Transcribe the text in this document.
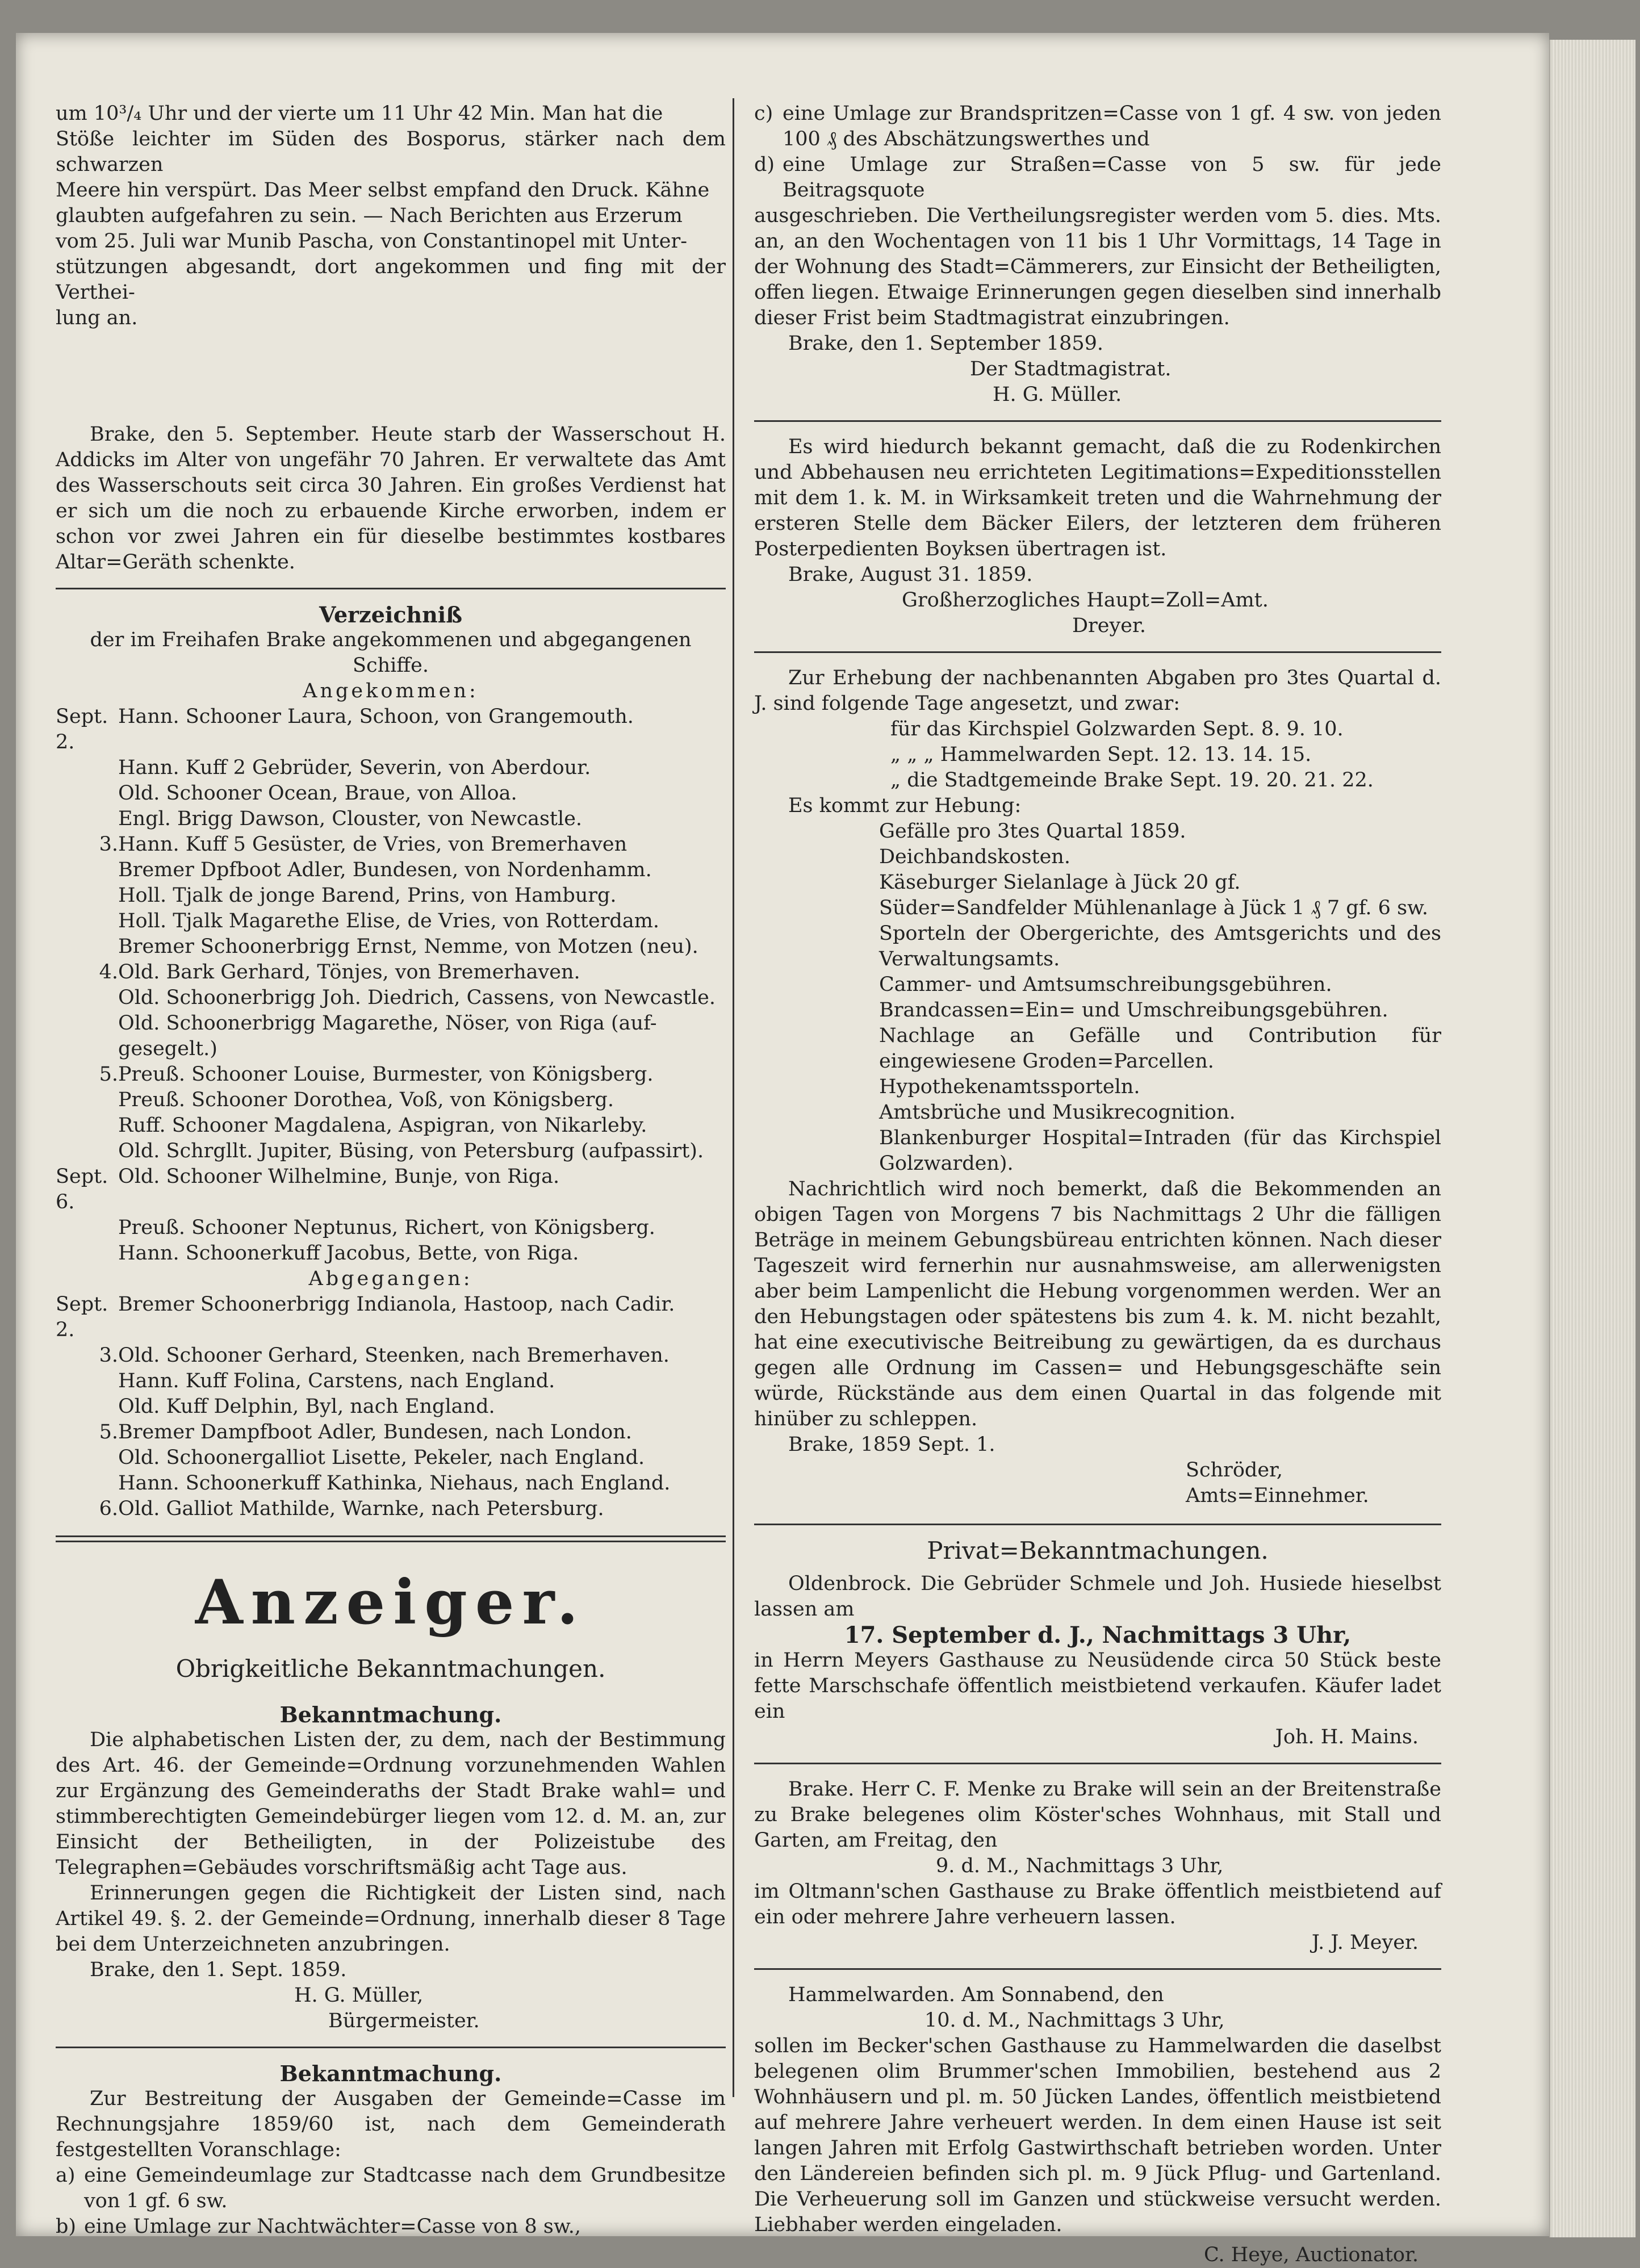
um 10³/₄ Uhr und der vierte um 11 Uhr 42 Min. Man hat die

Stöße leichter im Süden des Bosporus, stärker nach dem schwarzen

Meere hin verspürt. Das Meer selbst empfand den Druck. Kähne

glaubten aufgefahren zu sein. — Nach Berichten aus Erzerum

vom 25. Juli war Munib Pascha, von Constantinopel mit Unter-

stützungen abgesandt, dort angekommen und fing mit der Verthei-

lung an.

Brake, den 5. September. Heute starb der Wasserschout H. Addicks im Alter von ungefähr 70 Jahren. Er verwaltete das Amt des Wasserschouts seit circa 30 Jahren. Ein großes Verdienst hat er sich um die noch zu erbauende Kirche erworben, indem er schon vor zwei Jahren ein für dieselbe bestimmtes kostbares Altar=Geräth schenkte.

Verzeichniß

der im Freihafen Brake angekommenen und abgegangenen Schiffe.

Angekommen:

Sept. 2.
Hann. Schooner Laura, Schoon, von Grangemouth.
Hann. Kuff 2 Gebrüder, Severin, von Aberdour.
Old. Schooner Ocean, Braue, von Alloa.
Engl. Brigg Dawson, Clouster, von Newcastle.
3. Hann. Kuff 5 Gesüster, de Vries, von Bremerhaven
Bremer Dpfboot Adler, Bundesen, von Nordenhamm.
Holl. Tjalk de jonge Barend, Prins, von Hamburg.
Holl. Tjalk Magarethe Elise, de Vries, von Rotterdam.
Bremer Schoonerbrigg Ernst, Nemme, von Motzen (neu).
4. Old. Bark Gerhard, Tönjes, von Bremerhaven.
Old. Schoonerbrigg Joh. Diedrich, Cassens, von Newcastle.
Old. Schoonerbrigg Magarethe, Nöser, von Riga (auf-gesegelt.)
5. Preuß. Schooner Louise, Burmester, von Königsberg.
Preuß. Schooner Dorothea, Voß, von Königsberg.
Ruff. Schooner Magdalena, Aspigran, von Nikarleby.
Old. Schrgllt. Jupiter, Büsing, von Petersburg (aufpassirt).
Sept. 6.
Old. Schooner Wilhelmine, Bunje, von Riga.
Preuß. Schooner Neptunus, Richert, von Königsberg.
Hann. Schoonerkuff Jacobus, Bette, von Riga.

Abgegangen:

Sept. 2.
Bremer Schoonerbrigg Indianola, Hastoop, nach Cadir.
3. Old. Schooner Gerhard, Steenken, nach Bremerhaven.
Hann. Kuff Folina, Carstens, nach England.
Old. Kuff Delphin, Byl, nach England.
5. Bremer Dampfboot Adler, Bundesen, nach London.
Old. Schoonergalliot Lisette, Pekeler, nach England.
Hann. Schoonerkuff Kathinka, Niehaus, nach England.
6. Old. Galliot Mathilde, Warnke, nach Petersburg.

Anzeiger.

Obrigkeitliche Bekanntmachungen.

Bekanntmachung.

Die alphabetischen Listen der, zu dem, nach der Bestimmung des Art. 46. der Gemeinde=Ordnung vorzunehmenden Wahlen zur Ergänzung des Gemeinderaths der Stadt Brake wahl= und stimmberechtigten Gemeindebürger liegen vom 12. d. M. an, zur Einsicht der Betheiligten, in der Polizeistube des Telegraphen=Gebäudes vorschriftsmäßig acht Tage aus.

Erinnerungen gegen die Richtigkeit der Listen sind, nach Artikel 49. §. 2. der Gemeinde=Ordnung, innerhalb dieser 8 Tage bei dem Unterzeichneten anzubringen.

Brake, den 1. Sept. 1859.

H. G. Müller,

Bürgermeister.

Bekanntmachung.

Zur Bestreitung der Ausgaben der Gemeinde=Casse im Rechnungsjahre 1859/60 ist, nach dem Gemeinderath festgestellten Voranschlage:

a) eine Gemeindeumlage zur Stadtcasse nach dem Grundbesitze von 1 gf. 6 sw.
b) eine Umlage zur Nachtwächter=Casse von 8 sw.,
c) eine Umlage zur Brandspritzen=Casse von 1 gf. 4 sw. von jeden 100 ₰ des Abschätzungswerthes und
d) eine Umlage zur Straßen=Casse von 5 sw. für jede Beitragsquote

ausgeschrieben. Die Vertheilungsregister werden vom 5. dies. Mts. an, an den Wochentagen von 11 bis 1 Uhr Vormittags, 14 Tage in der Wohnung des Stadt=Cämmerers, zur Einsicht der Betheiligten, offen liegen. Etwaige Erinnerungen gegen dieselben sind innerhalb dieser Frist beim Stadtmagistrat einzubringen.

Brake, den 1. September 1859.

Der Stadtmagistrat.

H. G. Müller.

Es wird hiedurch bekannt gemacht, daß die zu Rodenkirchen und Abbehausen neu errichteten Legitimations=Expeditionsstellen mit dem 1. k. M. in Wirksamkeit treten und die Wahrnehmung der ersteren Stelle dem Bäcker Eilers, der letzteren dem früheren Posterpedienten Boyksen übertragen ist.

Brake, August 31. 1859.

Großherzogliches Haupt=Zoll=Amt.

Dreyer.

Zur Erhebung der nachbenannten Abgaben pro 3tes Quartal d. J. sind folgende Tage angesetzt, und zwar:

für das Kirchspiel Golzwarden Sept. 8. 9. 10.

„ „ „ Hammelwarden Sept. 12. 13. 14. 15.

„ die Stadtgemeinde Brake Sept. 19. 20. 21. 22.

Es kommt zur Hebung:

Gefälle pro 3tes Quartal 1859.

Deichbandskosten.

Käseburger Sielanlage à Jück 20 gf.

Süder=Sandfelder Mühlenanlage à Jück 1 ₰ 7 gf. 6 sw.

Sporteln der Obergerichte, des Amtsgerichts und des Verwaltungsamts.

Cammer- und Amtsumschreibungsgebühren.

Brandcassen=Ein= und Umschreibungsgebühren.

Nachlage an Gefälle und Contribution für eingewiesene Groden=Parcellen.

Hypothekenamtssporteln.

Amtsbrüche und Musikrecognition.

Blankenburger Hospital=Intraden (für das Kirchspiel Golzwarden).

Nachrichtlich wird noch bemerkt, daß die Bekommenden an obigen Tagen von Morgens 7 bis Nachmittags 2 Uhr die fälligen Beträge in meinem Gebungsbüreau entrichten können. Nach dieser Tageszeit wird fernerhin nur ausnahmsweise, am allerwenigsten aber beim Lampenlicht die Hebung vorgenommen werden. Wer an den Hebungstagen oder spätestens bis zum 4. k. M. nicht bezahlt, hat eine executivische Beitreibung zu gewärtigen, da es durchaus gegen alle Ordnung im Cassen= und Hebungsgeschäfte sein würde, Rückstände aus dem einen Quartal in das folgende mit hinüber zu schleppen.

Brake, 1859 Sept. 1.

Schröder,

Amts=Einnehmer.

Privat=Bekanntmachungen.

Oldenbrock. Die Gebrüder Schmele und Joh. Husiede hieselbst lassen am

17. September d. J., Nachmittags 3 Uhr,

in Herrn Meyers Gasthause zu Neusüdende circa 50 Stück beste fette Marschschafe öffentlich meistbietend verkaufen. Käufer ladet ein

Joh. H. Mains.

Brake. Herr C. F. Menke zu Brake will sein an der Breitenstraße zu Brake belegenes olim Köster'sches Wohnhaus, mit Stall und Garten, am Freitag, den

9. d. M., Nachmittags 3 Uhr,

im Oltmann'schen Gasthause zu Brake öffentlich meistbietend auf ein oder mehrere Jahre verheuern lassen.

J. J. Meyer.

Hammelwarden. Am Sonnabend, den

10. d. M., Nachmittags 3 Uhr,

sollen im Becker'schen Gasthause zu Hammelwarden die daselbst belegenen olim Brummer'schen Immobilien, bestehend aus 2 Wohnhäusern und pl. m. 50 Jücken Landes, öffentlich meistbietend auf mehrere Jahre verheuert werden. In dem einen Hause ist seit langen Jahren mit Erfolg Gastwirthschaft betrieben worden. Unter den Ländereien befinden sich pl. m. 9 Jück Pflug- und Gartenland. Die Verheuerung soll im Ganzen und stückweise versucht werden. Liebhaber werden eingeladen.

C. Heye, Auctionator.
